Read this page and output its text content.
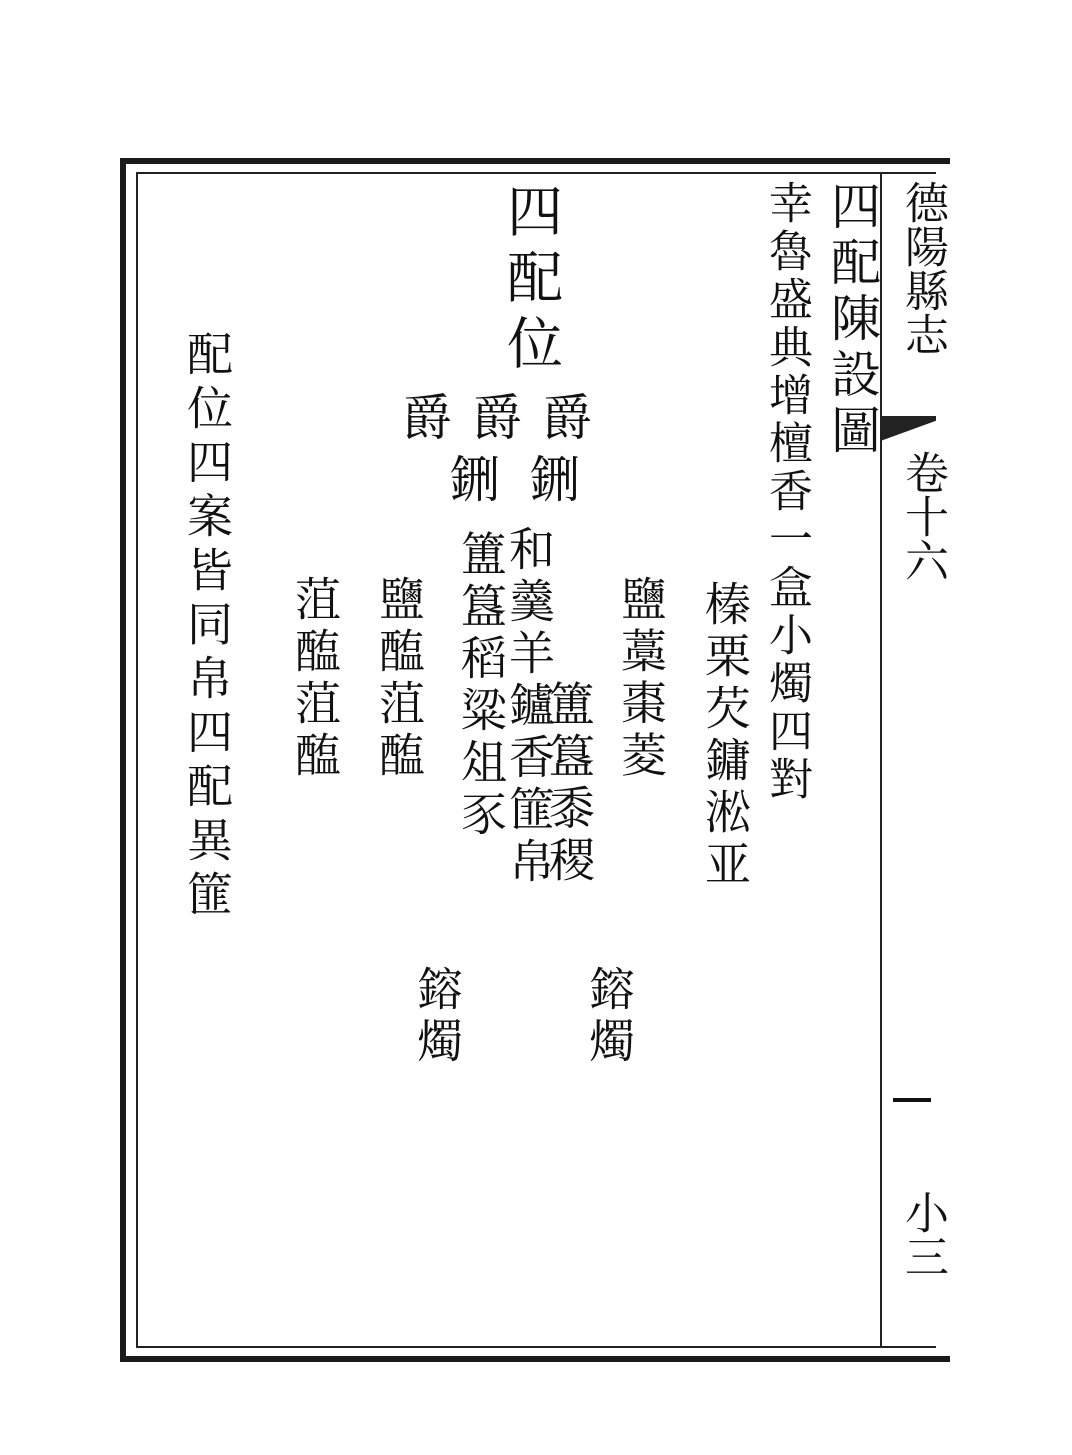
德陽縣志

卷十六

小三

四配陳設圖

幸魯盛典增檀香一盒小燭四對

四配位

榛栗芡鏞淞亚

鹽藁棗菱

鎔燭

簠簋黍稷

和羹羊鑪香篚帛

簠簋稻粱俎豕

鎔燭

鹽醢菹醢

菹醢菹醢

爵爵爵

鉶鉶

配位四案皆同帛四配異篚
